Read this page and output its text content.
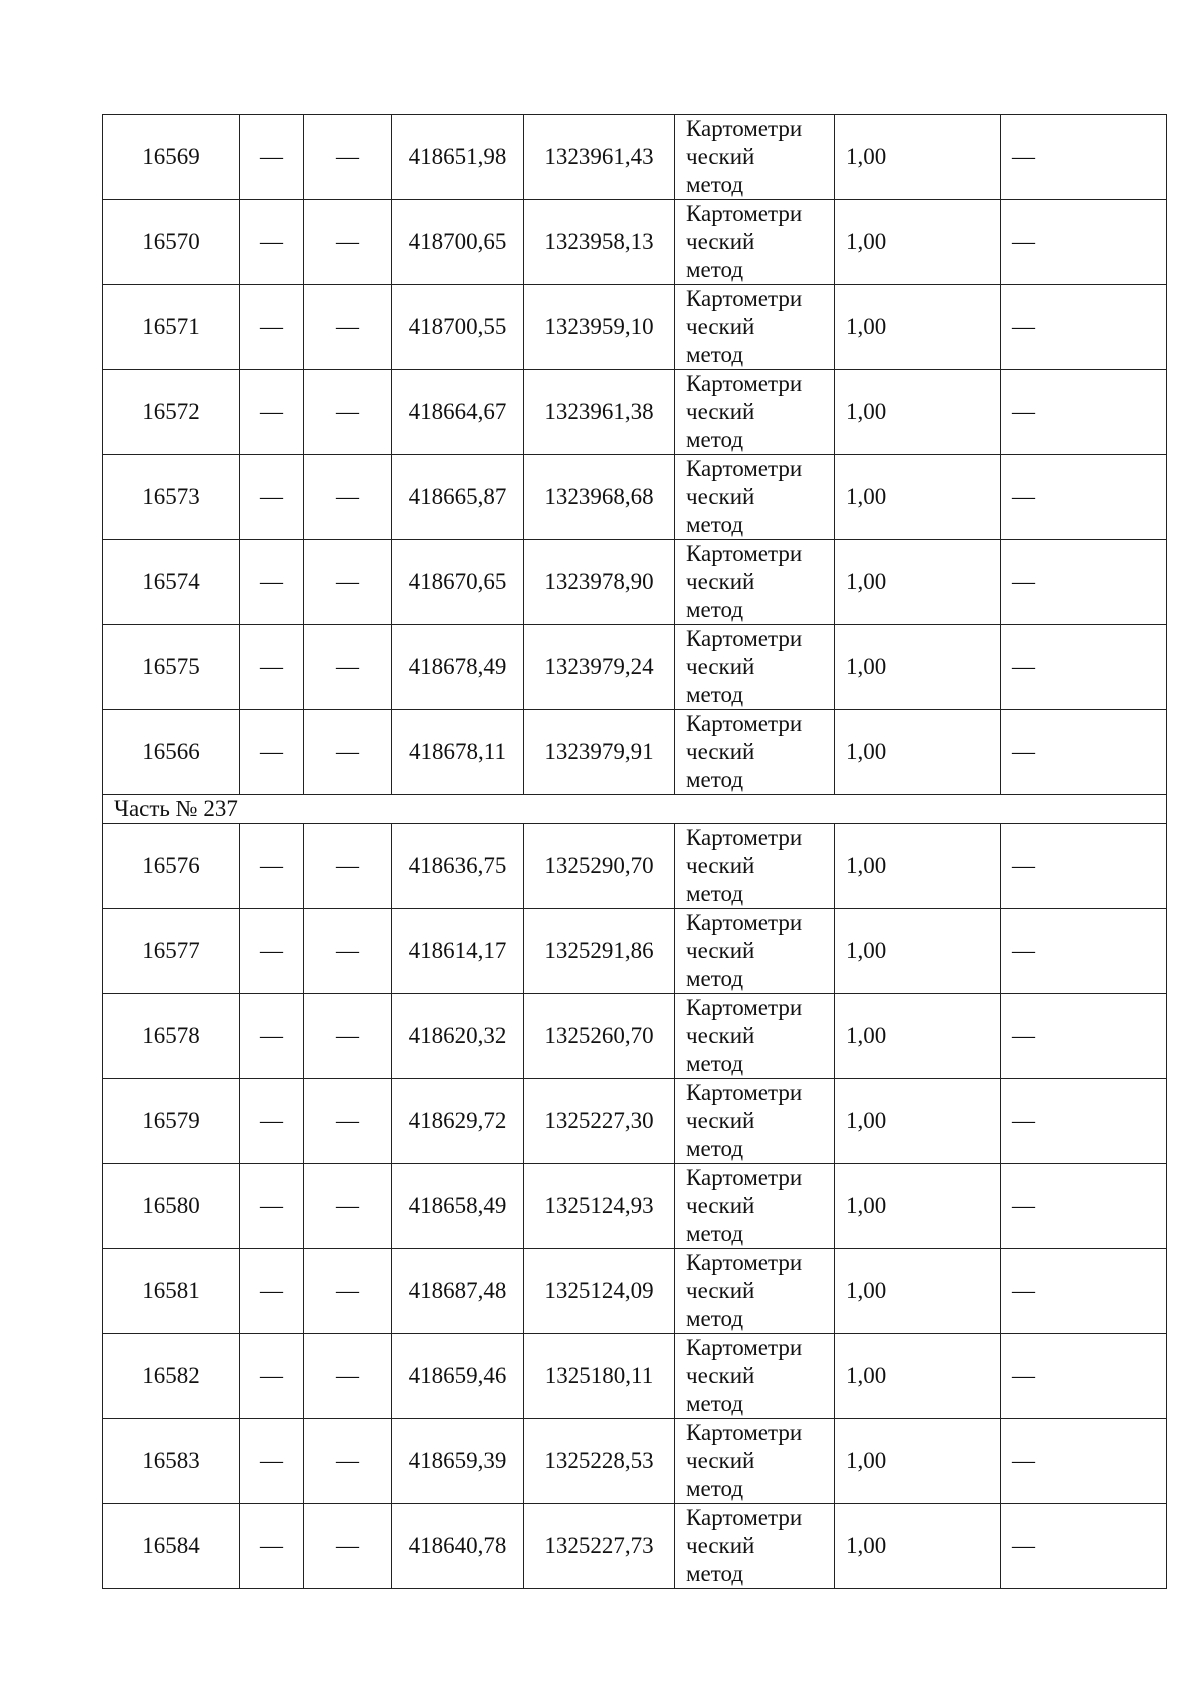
16569	—	—	418651,98	1323961,43	Картометри
ческий
метод	1,00	—
16570	—	—	418700,65	1323958,13	Картометри
ческий
метод	1,00	—
16571	—	—	418700,55	1323959,10	Картометри
ческий
метод	1,00	—
16572	—	—	418664,67	1323961,38	Картометри
ческий
метод	1,00	—
16573	—	—	418665,87	1323968,68	Картометри
ческий
метод	1,00	—
16574	—	—	418670,65	1323978,90	Картометри
ческий
метод	1,00	—
16575	—	—	418678,49	1323979,24	Картометри
ческий
метод	1,00	—
16566	—	—	418678,11	1323979,91	Картометри
ческий
метод	1,00	—
Часть № 237							
16576	—	—	418636,75	1325290,70	Картометри
ческий
метод	1,00	—
16577	—	—	418614,17	1325291,86	Картометри
ческий
метод	1,00	—
16578	—	—	418620,32	1325260,70	Картометри
ческий
метод	1,00	—
16579	—	—	418629,72	1325227,30	Картометри
ческий
метод	1,00	—
16580	—	—	418658,49	1325124,93	Картометри
ческий
метод	1,00	—
16581	—	—	418687,48	1325124,09	Картометри
ческий
метод	1,00	—
16582	—	—	418659,46	1325180,11	Картометри
ческий
метод	1,00	—
16583	—	—	418659,39	1325228,53	Картометри
ческий
метод	1,00	—
16584	—	—	418640,78	1325227,73	Картометри
ческий
метод	1,00	—
